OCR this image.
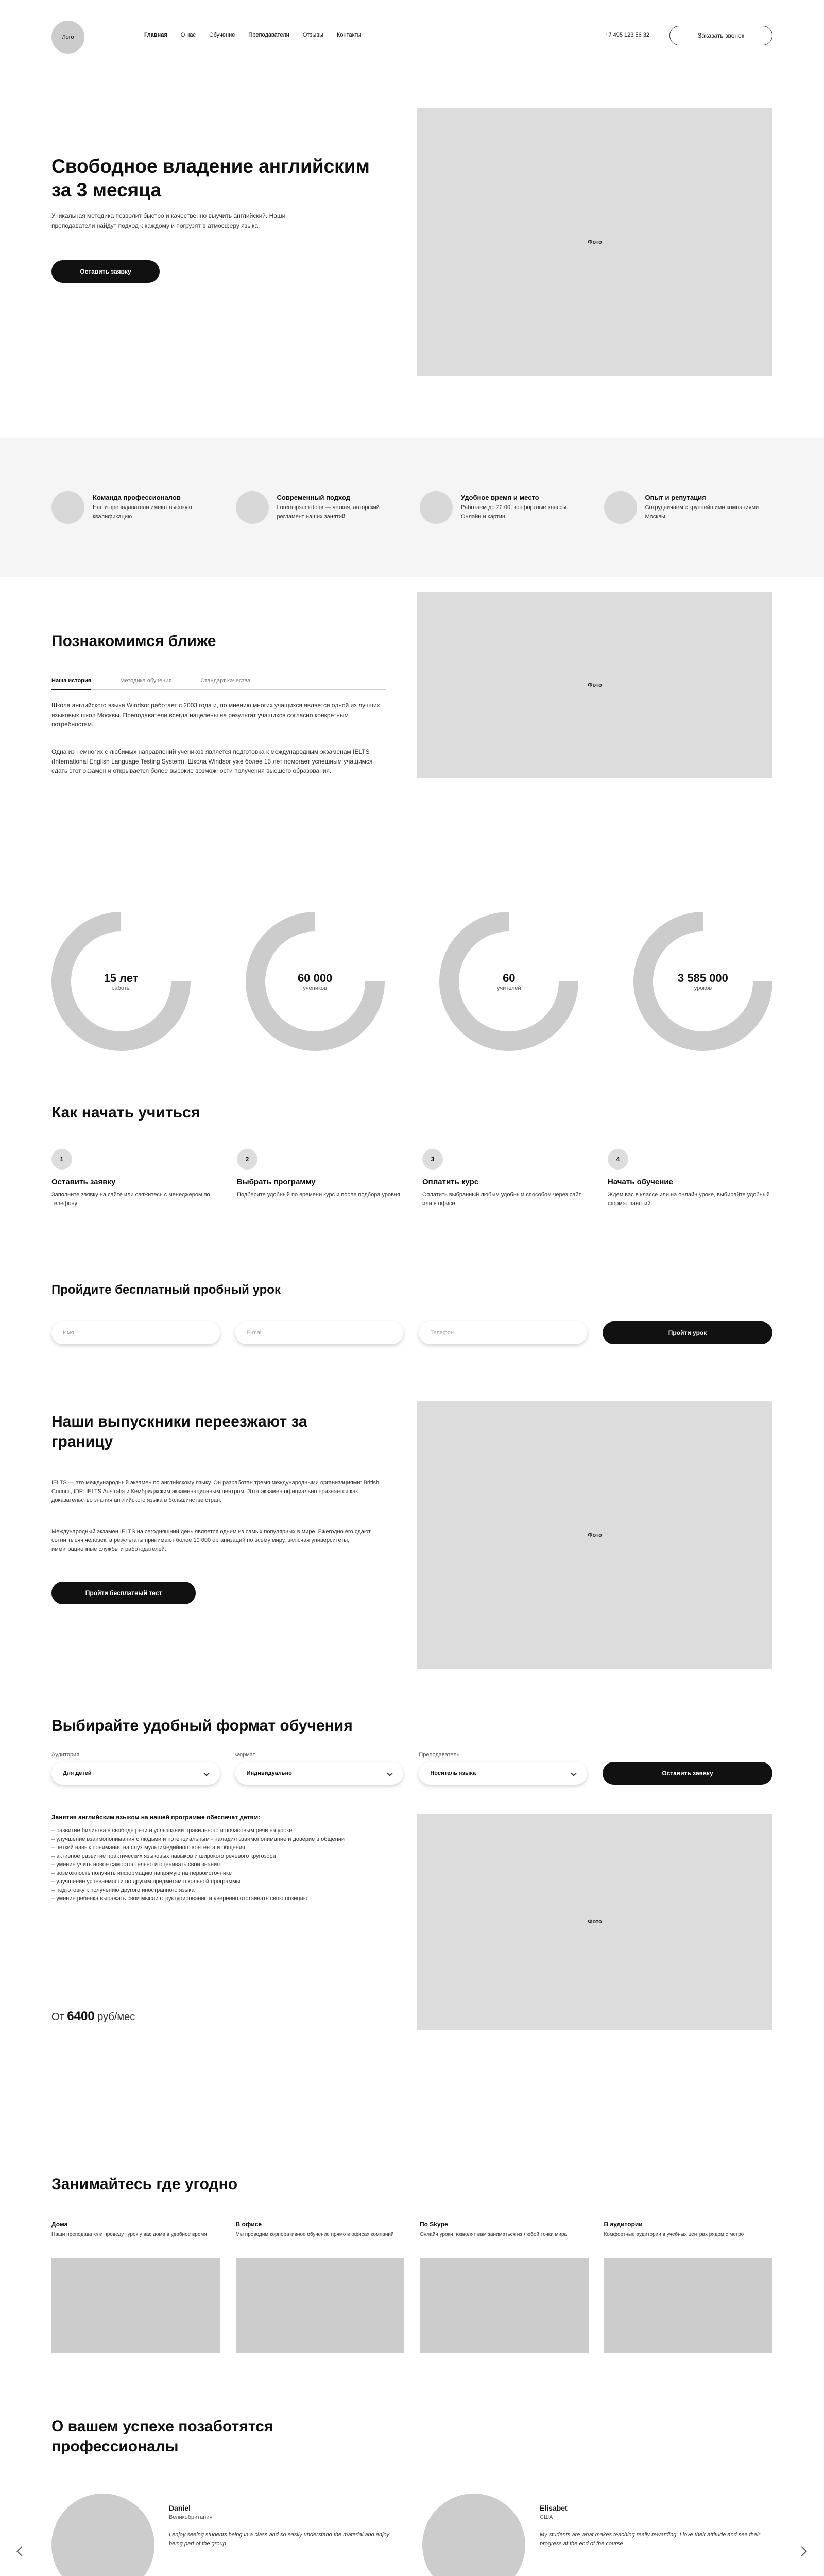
Лого	Главная О нас Обучение Преподаватели Отзывы Контакты	+7 495 123 56 32	Заказать звонок
Свободное владение английским за 3 месяца

Уникальная методика позволит быстро и качественно выучить английский. Наши преподаватели найдут подход к каждому и погрузят в атмосферу языка.

Оставить заявку
Фото
Команда профессионалов
Наши преподаватели имеют высокую квалификацию
Современный подход
Lorem ipsum dolor — четкая, авторский регламент наших занятий
Удобное время и место
Работаем до 22:00, конфортные классы. Онлайн и картин
Опыт и репутация
Сотрудничаем с крупнейшими компаниями Москвы
Познакомимся ближе
Наша история	Методика обучения	Стандарт качества

Школа английского языка Windsor работает с 2003 года и, по мнению многих учащихся является одной из лучших языковых школ Москвы. Преподаватели всегда нацелены на результат учащихся согласно конкретным потребностям.

Одна из немногих с любимых направлений учеников является подготовка к международным экзаменам IELTS (International English Language Testing System). Школа Windsor уже более 15 лет помогает успешным учащимся сдать этот экзамен и открывается более высокие возможности получения высшего образования.

Фото
15 лет
работы
60 000
учеников
60
учителей
3 585 000
уроков
Как начать учиться
1
Оставить заявку
Заполните заявку на сайте или свяжитесь с менеджером по телефону
2
Выбрать программу
Подберите удобный по времени курс и после подбора уровня
3
Оплатить курс
Оплатить выбранный любым удобным способом через сайт или в офисе
4
Начать обучение
Ждем вас в классе или на онлайн уроке, выбирайте удобный формат занятий
Пройдите бесплатный пробный урок
Имя	E-mail	Телефон	Пройти урок
Наши выпускники переезжают за границу

IELTS — это международный экзамен по английскому языку. Он разработан тремя международными организациями: British Council, IDP: IELTS Australia и Кембриджским экзаменационным центром. Этот экзамен официально признается как доказательство знания английского языка в большинстве стран.

Международный экзамен IELTS на сегодняшний день является одним из самых популярных в мире. Ежегодно его сдают сотни тысяч человек, а результаты принимают более 10 000 организаций по всему миру, включая университеты, иммиграционные службы и работодателей.

Пройти бесплатный тест
Фото
Выбирайте удобный формат обучения
Аудитория
Для детей
Формат
Индивидуально
Преподаватель
Носитель языка	Оставить заявку
Занятия английским языком на нашей программе обеспечат детям:
– развитие билингва в свободе речи и услышании правильного и почасовым речи на уроке
– улучшение взаимопонимания с людьми и потенциальным - наладил взаимопонимание и доверие в общении
– четкий навык понимания на слух мультимедийного контента и общения
– активное развитие практических языковых навыков и широкого речевого кругозора
– умение учить новое самостоятельно и оценивать свои знания
– возможность получить информацию напрямую на первоисточнике
– улучшение успеваемости по другим предметам школьной программы
– подготовку к получению другого иностранного языка
– умение ребенка выражать свои мысли структурированно и уверенно отстаивать свою позицию
От 6400 руб/мес
Фото
Занимайтесь где угодно
Дома
Наши преподаватели проведут урок у вас дома в удобное время
В офисе
Мы проводим корпоративное обучение прямо в офисах компаний
По Skype
Онлайн уроки позволят вам заниматься из любой точки мира
В аудитории
Комфортные аудитории в учебных центрах рядом с метро
О вашем успехе позаботятся профессионалы
Daniel
Великобритания
I enjoy seeing students being in a class and so easily understand the material and enjoy being part of the group
Elisabet
США
My students are what makes teaching really rewarding. I love their attitude and see their progress at the end of the course
